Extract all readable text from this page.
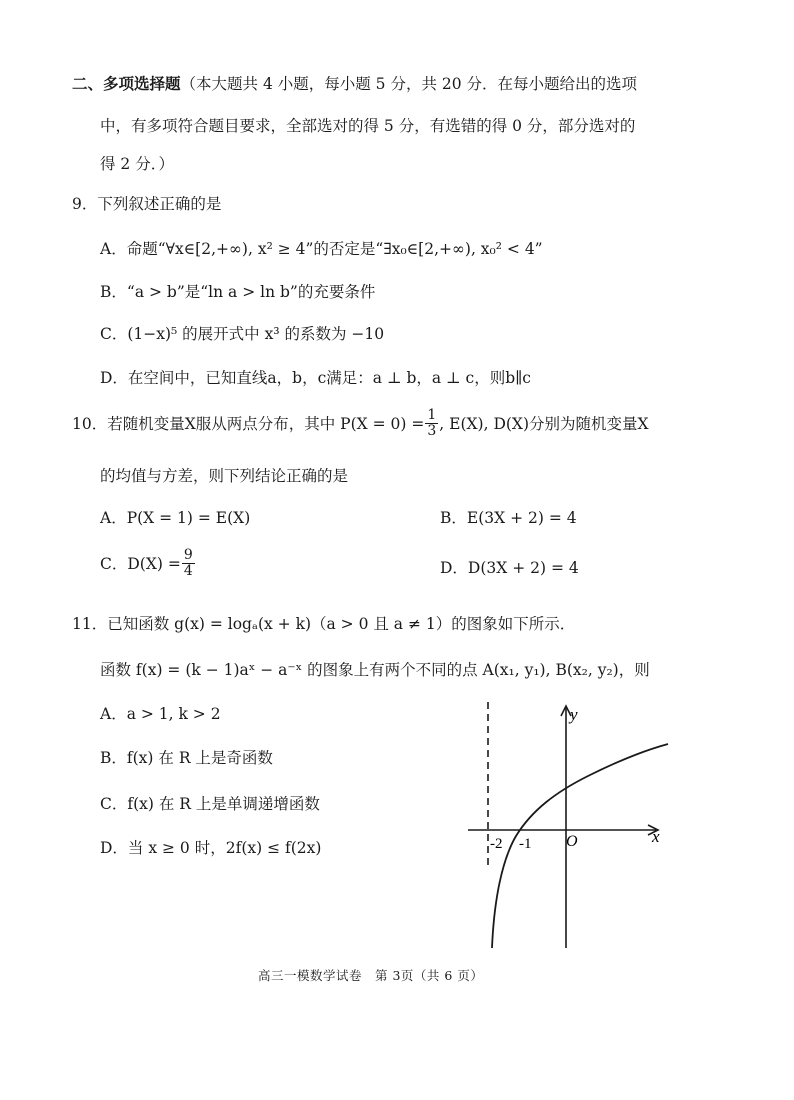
二、多项选择题（本大题共 4 小题，每小题 5 分，共 20 分．在每小题给出的选项
中，有多项符合题目要求，全部选对的得 5 分，有选错的得 0 分，部分选对的
得 2 分．）
9．下列叙述正确的是
A．命题“∀x∈[2,+∞), x² ≥ 4”的否定是“∃x₀∈[2,+∞), x₀² < 4”
B．“a > b”是“ln a > ln b”的充要条件
C．(1−x)⁵ 的展开式中 x³ 的系数为 −10
D．在空间中，已知直线a，b，c满足：a ⊥ b，a ⊥ c，则b∥c
10．若随机变量X服从两点分布，其中 $P(X = 0) = \frac{1}{3}$ , E(X), D(X)分别为随机变量X
的均值与方差，则下列结论正确的是
A．P(X = 1) = E(X)	B．E(3X + 2) = 4
C．$D(X) = \frac{9}{4}$	D．D(3X + 2) = 4
11．已知函数 g(x) = logₐ(x + k)（a > 0 且 a ≠ 1）的图象如下所示．
函数 f(x) = (k − 1)aˣ − a⁻ˣ 的图象上有两个不同的点 A(x₁, y₁), B(x₂, y₂)，则
A．a > 1, k > 2
B．f(x) 在 R 上是奇函数
C．f(x) 在 R 上是单调递增函数
D．当 x ≥ 0 时，2f(x) ≤ f(2x)
y
x
O
-2 -1
高三一模数学试卷　第 3页（共 6 页）
